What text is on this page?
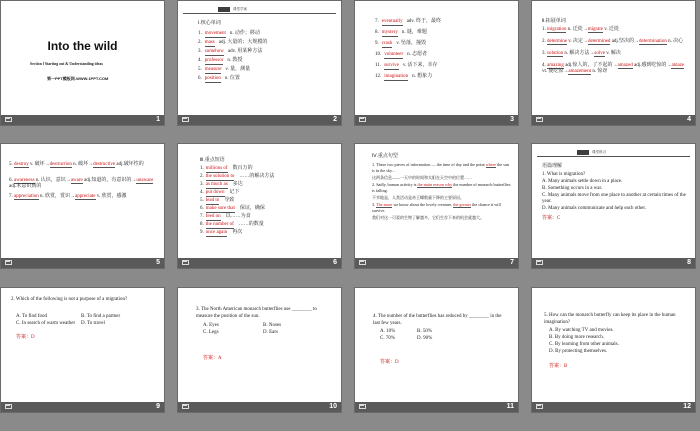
Into the wild
Section Ⅰ Starting out & Understanding ideas
第一PPT模板网-WWW.1PPT.COM
1
课堂学案
Ⅰ.核心单词
1. movement n. 动作；移动
2. mass adj. 大量的；大规模的
3. somehow adv. 用某种方法
4. professor n. 教授
5. measure v. 量，测量
6. position n. 位置
2
7. eventually adv. 终于，最终
8. mystery n. 谜，难题
9. crash v. 坠落，撞毁
10. volunteer n. 志愿者
11. survive v. 活下来，幸存
12. imagination n. 想象力
3
Ⅱ.拓展单词
1. migration n. 迁徙→migrate v. 迁徙
2. determine v. 决定→determined adj.坚决的→determination n. 决心
3. solution n. 解决方法→solve v. 解决
4. amazing adj.惊人的，了不起的→amazed adj.感到吃惊的→amaze vt. 使吃惊→amazement n. 惊讶
4
5. destroy v. 破坏→destruction n. 破坏→destructive adj.破坏性的
6. awareness n. 认识，意识→aware adj.知道的，有意识的→unaware adj.未意识到的
7. appreciation n. 欣赏，赏识→appreciate v. 欣赏，感激
5
Ⅲ.重点短语
1. millions of 数百万的
2. the solution to ……的解决方法
3. as much as 多达
4. put down 记下
5. lead to 导致
6. make sure that 保证，确保
7. feed on 以……为食
8. the number of ……的数量
9. once again 再次
6
Ⅳ.重点句型
1. These two pieces of information — the time of day and the point where the sun is in the sky...
这两条信息——一天中的时间和太阳在天空中的位置……
2. Sadly, human activity is the main reason why the number of monarch butterflies is falling.
不幸地是，人类活动是帝王蝶数量下降的主要原因。
3. The more we know about the lovely creature, the greater the chance it will survive.
我们对这一可爱的生物了解越多，它们生存下来的机会就越大。
7
课堂练习
语篇理解
1. What is migration?
A. Many animals settle down in a place.
B. Something occurs in a war.
C. Many animals move from one place to another at certain times of the year.
D. Many animals communicate and help each other.
答案：C
8
2. Which of the following is not a purpose of a migration?
A. To find food	B. To find a partner
C. In search of warm weather D. To travel
答案：D
9
3. The North American monarch butterflies use ________ to measure the position of the sun.
A. Eyes	B. Noses
C. Legs	D. Ears
答案：A
10
4. The number of the butterflies has reduced by ________ in the last few years.
A. 10%	B. 50%
C. 70%	D. 90%
答案：D
11
5. How can the monarch butterfly can keep its place in the human imagination?
A. By watching TV and movies.
B. By doing more research.
C. By learning from other animals.
D. By protecting themselves.
答案：B
12
